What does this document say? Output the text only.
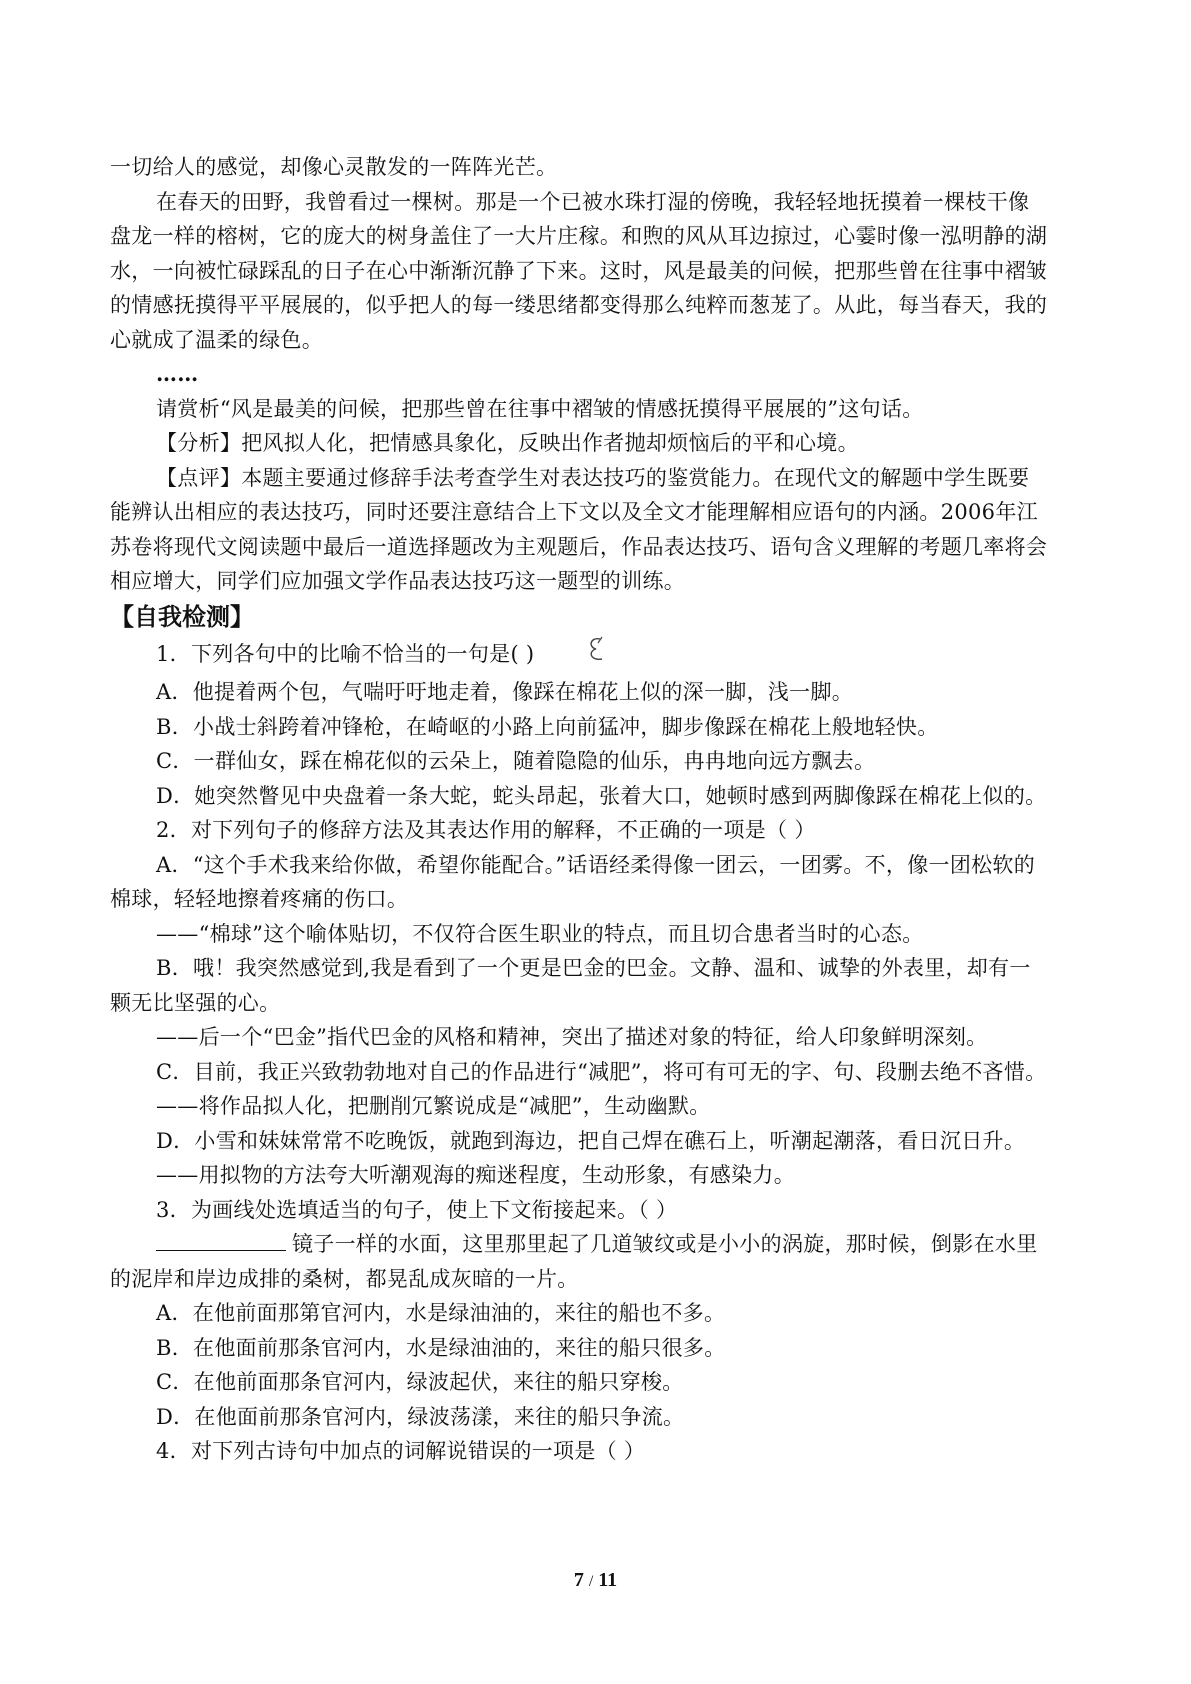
一切给人的感觉，却像心灵散发的一阵阵光芒。

在春天的田野，我曾看过一棵树。那是一个已被水珠打湿的傍晚，我轻轻地抚摸着一棵枝干像盘龙一样的榕树，它的庞大的树身盖住了一大片庄稼。和煦的风从耳边掠过，心霎时像一泓明静的湖水，一向被忙碌踩乱的日子在心中渐渐沉静了下来。这时，风是最美的问候，把那些曾在往事中褶皱的情感抚摸得平平展展的，似乎把人的每一缕思绪都变得那么纯粹而葱茏了。从此，每当春天，我的心就成了温柔的绿色。

……

请赏析“风是最美的问候，把那些曾在往事中褶皱的情感抚摸得平展展的”这句话。

【分析】把风拟人化，把情感具象化，反映出作者抛却烦恼后的平和心境。

【点评】本题主要通过修辞手法考查学生对表达技巧的鉴赏能力。在现代文的解题中学生既要能辨认出相应的表达技巧，同时还要注意结合上下文以及全文才能理解相应语句的内涵。2006年江苏卷将现代文阅读题中最后一道选择题改为主观题后，作品表达技巧、语句含义理解的考题几率将会相应增大，同学们应加强文学作品表达技巧这一题型的训练。

【自我检测】

1．下列各句中的比喻不恰当的一句是( )

A．他提着两个包，气喘吁吁地走着，像踩在棉花上似的深一脚，浅一脚。

B．小战士斜跨着冲锋枪，在崎岖的小路上向前猛冲，脚步像踩在棉花上般地轻快。

C．一群仙女，踩在棉花似的云朵上，随着隐隐的仙乐，冉冉地向远方飘去。

D．她突然瞥见中央盘着一条大蛇，蛇头昂起，张着大口，她顿时感到两脚像踩在棉花上似的。

2．对下列句子的修辞方法及其表达作用的解释，不正确的一项是（ ）

A．“这个手术我来给你做，希望你能配合。”话语经柔得像一团云，一团雾。不，像一团松软的棉球，轻轻地擦着疼痛的伤口。

——“棉球”这个喻体贴切，不仅符合医生职业的特点，而且切合患者当时的心态。

B．哦！我突然感觉到,我是看到了一个更是巴金的巴金。文静、温和、诚挚的外表里，却有一颗无比坚强的心。

——后一个“巴金”指代巴金的风格和精神，突出了描述对象的特征，给人印象鲜明深刻。

C．目前，我正兴致勃勃地对自己的作品进行“减肥”，将可有可无的字、句、段删去绝不吝惜。

——将作品拟人化，把删削冗繁说成是“减肥”，生动幽默。

D．小雪和妹妹常常不吃晚饭，就跑到海边，把自己焊在礁石上，听潮起潮落，看日沉日升。

——用拟物的方法夸大听潮观海的痴迷程度，生动形象，有感染力。

3．为画线处选填适当的句子，使上下文衔接起来。（ ）

镜子一样的水面，这里那里起了几道皱纹或是小小的涡旋，那时候，倒影在水里的泥岸和岸边成排的桑树，都晃乱成灰暗的一片。

A．在他前面那第官河内，水是绿油油的，来往的船也不多。

B．在他面前那条官河内，水是绿油油的，来往的船只很多。

C．在他前面那条官河内，绿波起伏，来往的船只穿梭。

D．在他面前那条官河内，绿波荡漾，来往的船只争流。

4．对下列古诗句中加点的词解说错误的一项是（ ）

7 / 11
